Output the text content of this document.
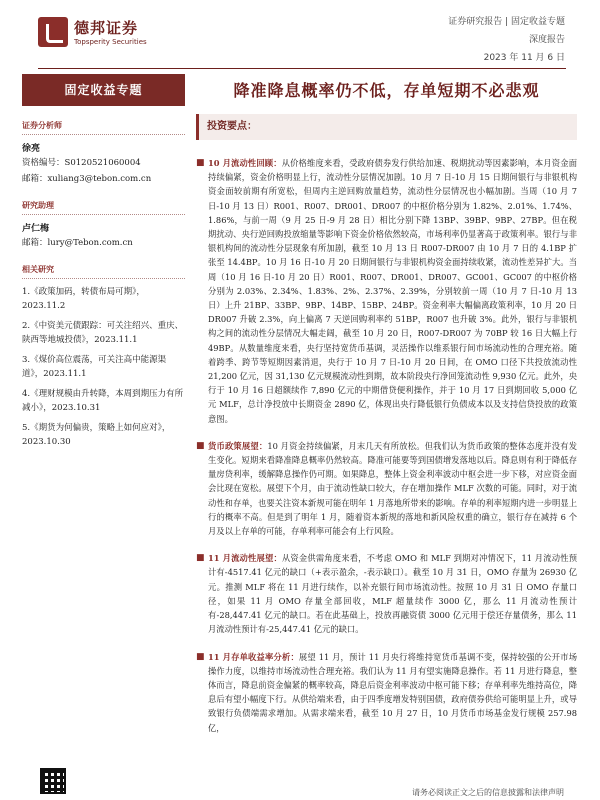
德邦证券
Topsperity Securities
证券研究报告 | 固定收益专题
深度报告
2023 年 11 月 6 日
固定收益专题
证券分析师
徐亮
资格编号：S0120521060004
邮箱：xuliang3@tebon.com.cn
研究助理
卢仁梅
邮箱：lury@Tebon.com.cn
相关研究
1.《政策加码，转债布局可期》，2023.11.2
2.《中资美元债跟踪：可关注绍兴、重庆、陕西等地城投债》，2023.11.1
3.《煤价高位震荡，可关注高中能源渠道》，2023.11.1
4.《理财规模由升转降，本周到期压力有所减小》，2023.10.31
5.《期货为何偏贵，策略上如何应对》，2023.10.30
降准降息概率仍不低，存单短期不必悲观
投资要点：

■ 10 月流动性回顾：从价格维度来看，受政府债券发行供给加速、税期扰动等因素影响，本月资金面持续偏紧，资金价格明显上行，流动性分层情况加剧。10 月 7 日-10 月 15 日期间银行与非银机构资金面较前期有所宽松，但周内主逆回购放量趋势，流动性分层情况也小幅加剧。当周（10 月 7 日-10 月 13 日）R001、R007、DR001、DR007 的中枢价格分别为 1.82%、2.01%、1.74%、1.86%，与前一周（9 月 25 日-9 月 28 日）相比分别下降 13BP、39BP、9BP、27BP。但在税期扰动、央行逆回购投放缩量等影响下资金价格依然较高，市场利率仍显著高于政策利率。银行与非银机构间的流动性分层现象有所加剧，截至 10 月 13 日 R007-DR007 由 10 月 7 日的 4.1BP 扩张至 14.4BP。10 月 16 日-10 月 20 日期间银行与非银机构资金面持续收紧，流动性差异扩大。当周（10 月 16 日-10 月 20 日）R001、R007、DR001、DR007、GC001、GC007 的中枢价格分别为 2.03%、2.34%、1.83%、2%、2.37%、2.39%，分别较前一周（10 月 7 日-10 月 13 日）上升 21BP、33BP、9BP、14BP、15BP、24BP。资金利率大幅偏离政策利率，10 月 20 日 DR007 升破 2.3%，向上偏离 7 天逆回购利率约 51BP，R007 也升破 3%。此外，银行与非银机构之间的流动性分层情况大幅走阔，截至 10 月 20 日，R007-DR007 为 70BP 较 16 日大幅上行 49BP。从数量维度来看，央行坚持宽货币基调，灵活操作以维系银行间市场流动性的合理充裕。随着跨季、跨节等短期因素消退，央行于 10 月 7 日-10 月 20 日间，在 OMO 口径下共投放流动性 21,200 亿元，因 31,130 亿元规模流动性到期，故本阶段央行净回笼流动性 9,930 亿元。此外，央行于 10 月 16 日超额续作 7,890 亿元的中期借贷便利操作，并于 10 月 17 日到期回收 5,000 亿元 MLF，总计净投放中长期资金 2890 亿，体现出央行降低银行负债成本以及支持信贷投放的政策意图。

■ 货币政策展望：10 月资金持续偏紧，月末几天有所放松。但我们认为货币政策的整体态度并没有发生变化。短期来看降准降息概率仍然较高。降准可能要等到国债增发落地以后。降息则有利于降低存量房贷利率，缓解降息操作仍可期。如果降息，整体上资金利率波动中枢会进一步下移，对应资金面会比现在宽松。展望下个月，由于流动性缺口较大，存在增加操作 MLF 次数的可能。同时，对于流动性和存单，也要关注资本新规可能在明年 1 月落地所带来的影响。存单的利率短期内进一步明显上行的概率不高。但是到了明年 1 月，随着资本新规的落地和新风险权重的确立，银行存在减持 6 个月及以上存单的可能，存单利率可能会有上行风险。

■ 11 月流动性展望：从资金供需角度来看，不考虑 OMO 和 MLF 到期对冲情况下，11 月流动性预计有-4517.41 亿元的缺口（+表示盈余，-表示缺口）。截至 10 月 31 日，OMO 存量为 26930 亿元。推测 MLF 将在 11 月进行续作，以补充银行间市场流动性。按照 10 月 31 日 OMO 存量口径，如果 11 月 OMO 存量全部回收，MLF 超量续作 3000 亿，那么 11 月流动性预计有-28,447.41 亿元的缺口。若在此基础上，投放再融资债 3000 亿元用于偿还存量债务，那么 11 月流动性预计有-25,447.41 亿元的缺口。

■ 11 月存单收益率分析：展望 11 月，预计 11 月央行将维持宽货币基调不变，保持较强的公开市场操作力度，以维持市场流动性合理充裕。我们认为 11 月有望实施降息操作。若 11 月进行降息，整体而言，降息前资金偏紧的概率较高，降息后资金利率波动中枢可能下移；存单利率先维持高位，降息后有望小幅度下行。从供给端来看，由于四季度增发特别国债，政府债券供给可能明显上升，或导致银行负债端需求增加。从需求端来看，截至 10 月 27 日，10 月货币市场基金发行规模 257.98 亿，

请务必阅读正文之后的信息披露和法律声明
